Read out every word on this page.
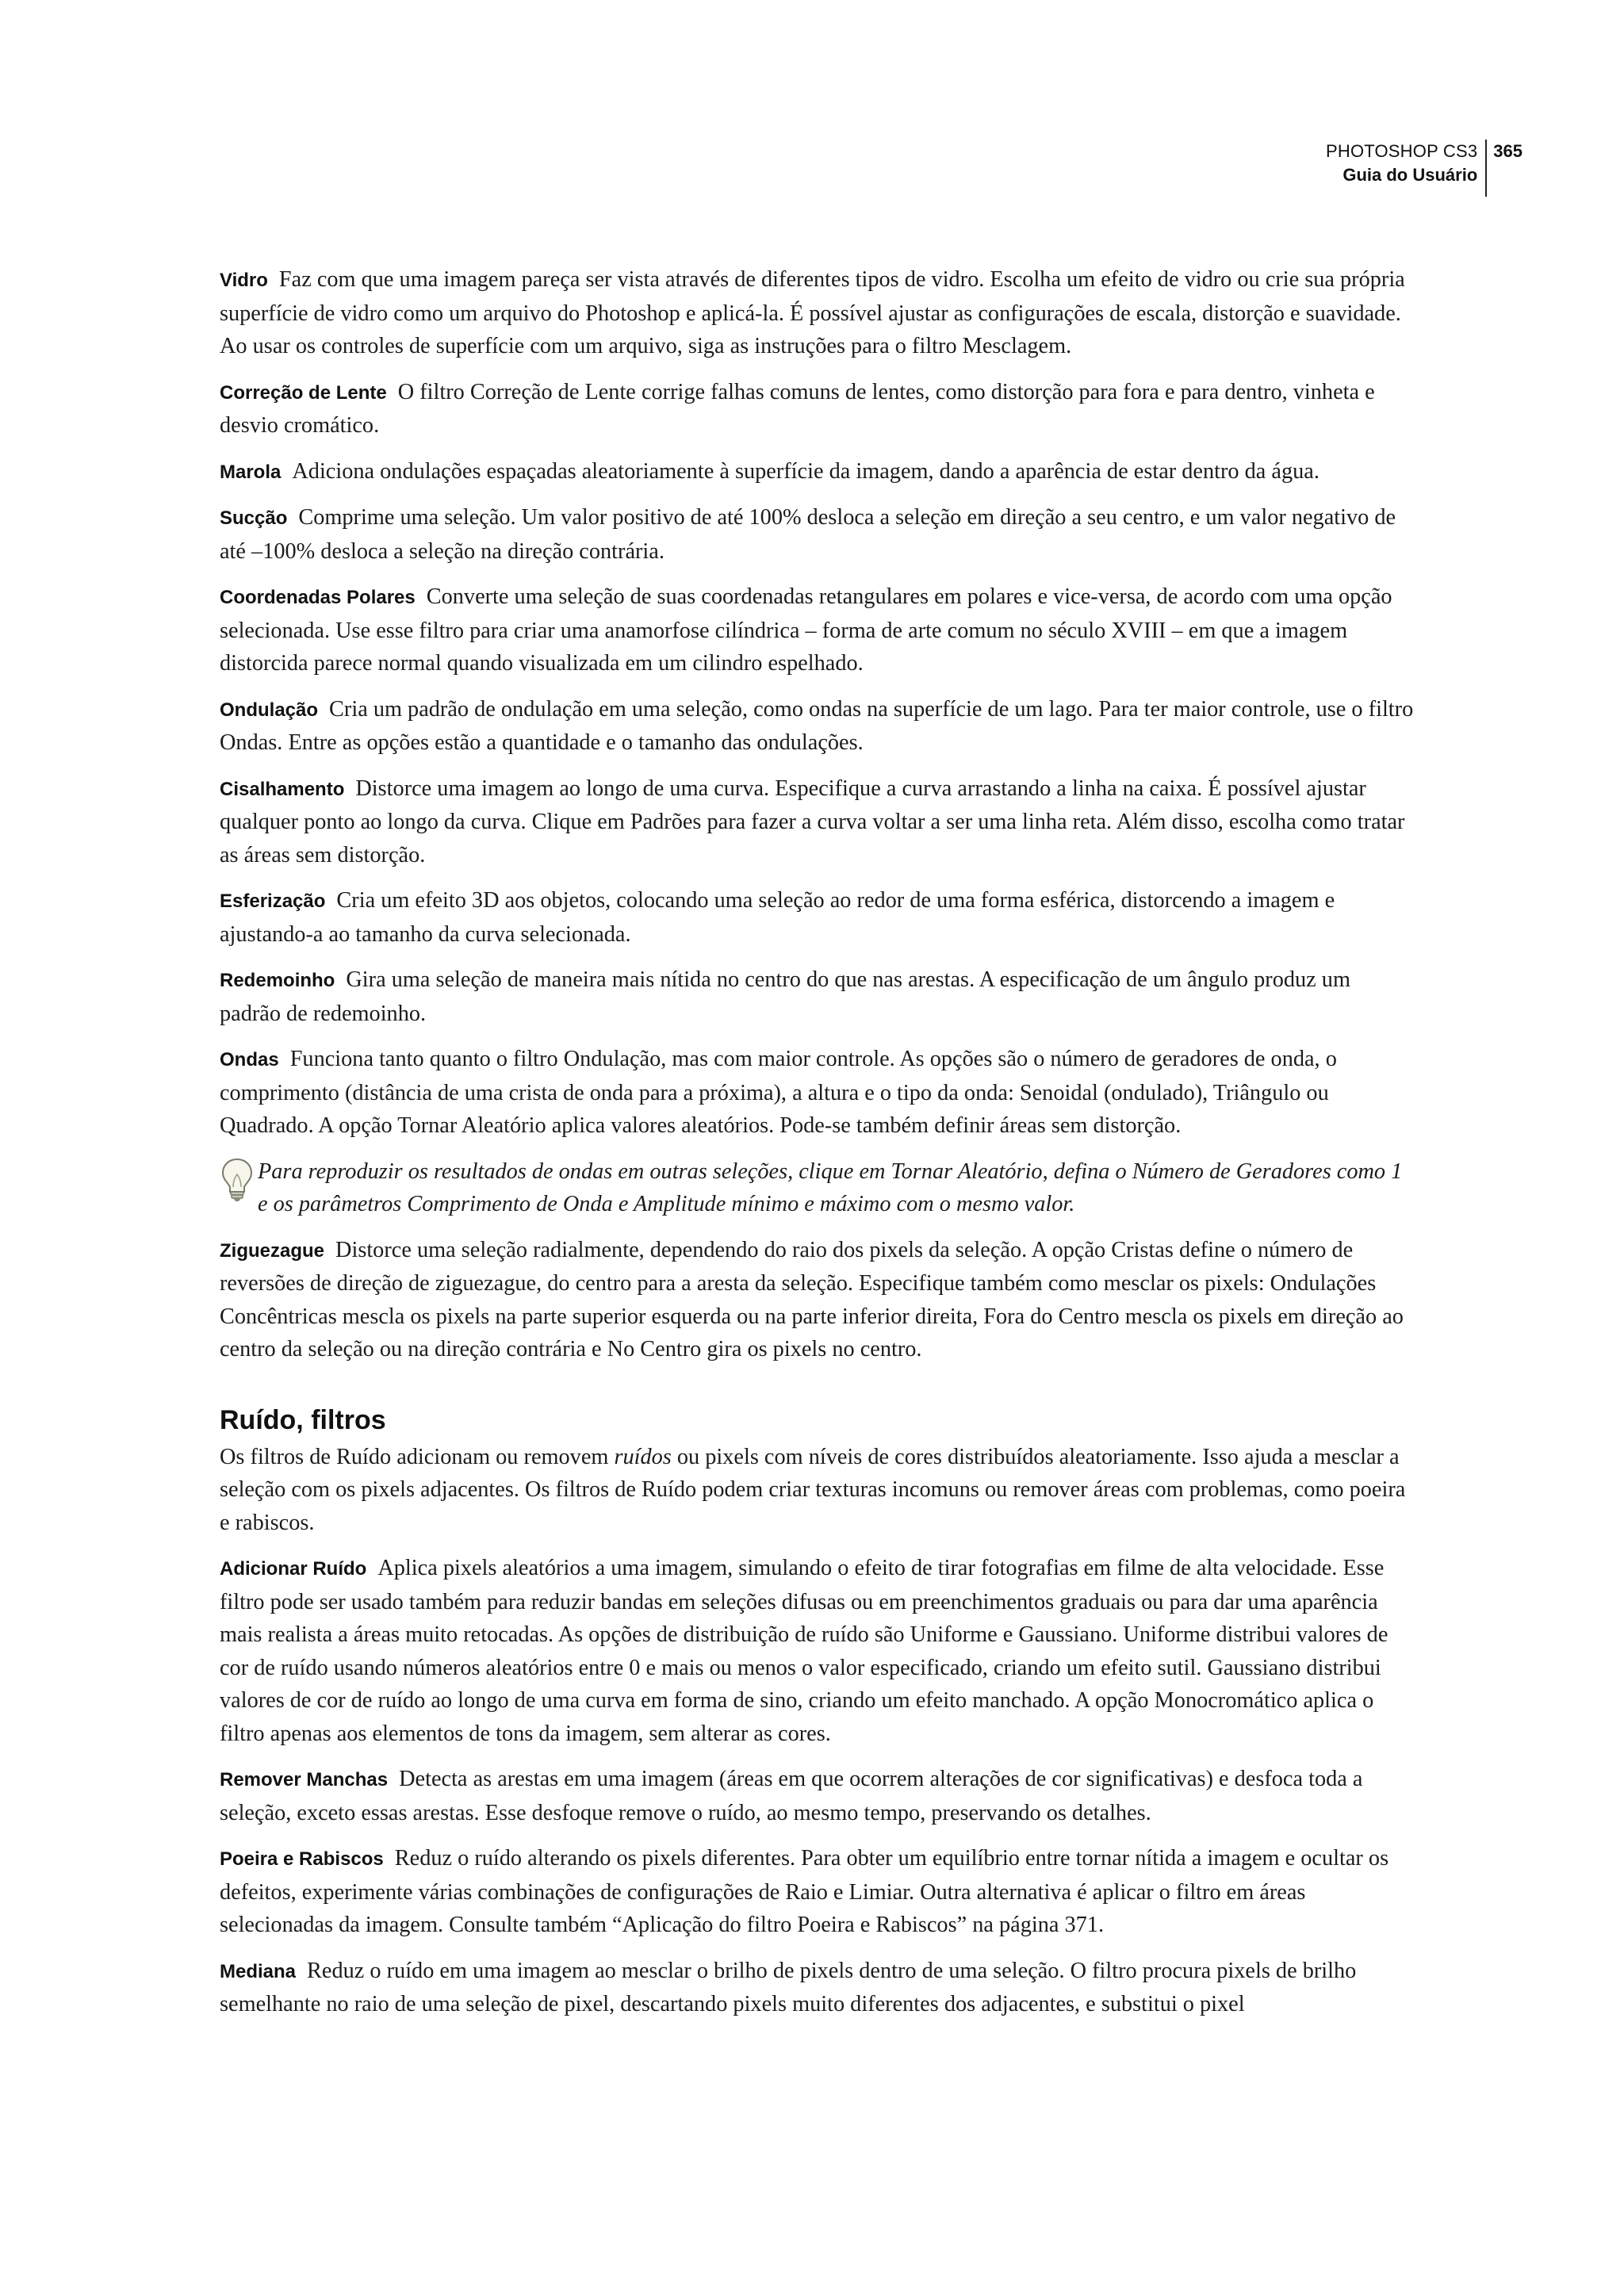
PHOTOSHOP CS3
Guia do Usuário
365

Vidro Faz com que uma imagem pareça ser vista através de diferentes tipos de vidro. Escolha um efeito de vidro ou crie sua própria superfície de vidro como um arquivo do Photoshop e aplicá-la. É possível ajustar as configurações de escala, distorção e suavidade. Ao usar os controles de superfície com um arquivo, siga as instruções para o filtro Mesclagem.

Correção de Lente O filtro Correção de Lente corrige falhas comuns de lentes, como distorção para fora e para dentro, vinheta e desvio cromático.

Marola Adiciona ondulações espaçadas aleatoriamente à superfície da imagem, dando a aparência de estar dentro da água.

Sucção Comprime uma seleção. Um valor positivo de até 100% desloca a seleção em direção a seu centro, e um valor negativo de até –100% desloca a seleção na direção contrária.

Coordenadas Polares Converte uma seleção de suas coordenadas retangulares em polares e vice-versa, de acordo com uma opção selecionada. Use esse filtro para criar uma anamorfose cilíndrica – forma de arte comum no século XVIII – em que a imagem distorcida parece normal quando visualizada em um cilindro espelhado.

Ondulação Cria um padrão de ondulação em uma seleção, como ondas na superfície de um lago. Para ter maior controle, use o filtro Ondas. Entre as opções estão a quantidade e o tamanho das ondulações.

Cisalhamento Distorce uma imagem ao longo de uma curva. Especifique a curva arrastando a linha na caixa. É possível ajustar qualquer ponto ao longo da curva. Clique em Padrões para fazer a curva voltar a ser uma linha reta. Além disso, escolha como tratar as áreas sem distorção.

Esferização Cria um efeito 3D aos objetos, colocando uma seleção ao redor de uma forma esférica, distorcendo a imagem e ajustando-a ao tamanho da curva selecionada.

Redemoinho Gira uma seleção de maneira mais nítida no centro do que nas arestas. A especificação de um ângulo produz um padrão de redemoinho.

Ondas Funciona tanto quanto o filtro Ondulação, mas com maior controle. As opções são o número de geradores de onda, o comprimento (distância de uma crista de onda para a próxima), a altura e o tipo da onda: Senoidal (ondulado), Triângulo ou Quadrado. A opção Tornar Aleatório aplica valores aleatórios. Pode-se também definir áreas sem distorção.

Para reproduzir os resultados de ondas em outras seleções, clique em Tornar Aleatório, defina o Número de Geradores como 1 e os parâmetros Comprimento de Onda e Amplitude mínimo e máximo com o mesmo valor.

Ziguezague Distorce uma seleção radialmente, dependendo do raio dos pixels da seleção. A opção Cristas define o número de reversões de direção de ziguezague, do centro para a aresta da seleção. Especifique também como mesclar os pixels: Ondulações Concêntricas mescla os pixels na parte superior esquerda ou na parte inferior direita, Fora do Centro mescla os pixels em direção ao centro da seleção ou na direção contrária e No Centro gira os pixels no centro.

Ruído, filtros

Os filtros de Ruído adicionam ou removem ruídos ou pixels com níveis de cores distribuídos aleatoriamente. Isso ajuda a mesclar a seleção com os pixels adjacentes. Os filtros de Ruído podem criar texturas incomuns ou remover áreas com problemas, como poeira e rabiscos.

Adicionar Ruído Aplica pixels aleatórios a uma imagem, simulando o efeito de tirar fotografias em filme de alta velocidade. Esse filtro pode ser usado também para reduzir bandas em seleções difusas ou em preenchimentos graduais ou para dar uma aparência mais realista a áreas muito retocadas. As opções de distribuição de ruído são Uniforme e Gaussiano. Uniforme distribui valores de cor de ruído usando números aleatórios entre 0 e mais ou menos o valor especificado, criando um efeito sutil. Gaussiano distribui valores de cor de ruído ao longo de uma curva em forma de sino, criando um efeito manchado. A opção Monocromático aplica o filtro apenas aos elementos de tons da imagem, sem alterar as cores.

Remover Manchas Detecta as arestas em uma imagem (áreas em que ocorrem alterações de cor significativas) e desfoca toda a seleção, exceto essas arestas. Esse desfoque remove o ruído, ao mesmo tempo, preservando os detalhes.

Poeira e Rabiscos Reduz o ruído alterando os pixels diferentes. Para obter um equilíbrio entre tornar nítida a imagem e ocultar os defeitos, experimente várias combinações de configurações de Raio e Limiar. Outra alternativa é aplicar o filtro em áreas selecionadas da imagem. Consulte também “Aplicação do filtro Poeira e Rabiscos” na página 371.

Mediana Reduz o ruído em uma imagem ao mesclar o brilho de pixels dentro de uma seleção. O filtro procura pixels de brilho semelhante no raio de uma seleção de pixel, descartando pixels muito diferentes dos adjacentes, e substitui o pixel
